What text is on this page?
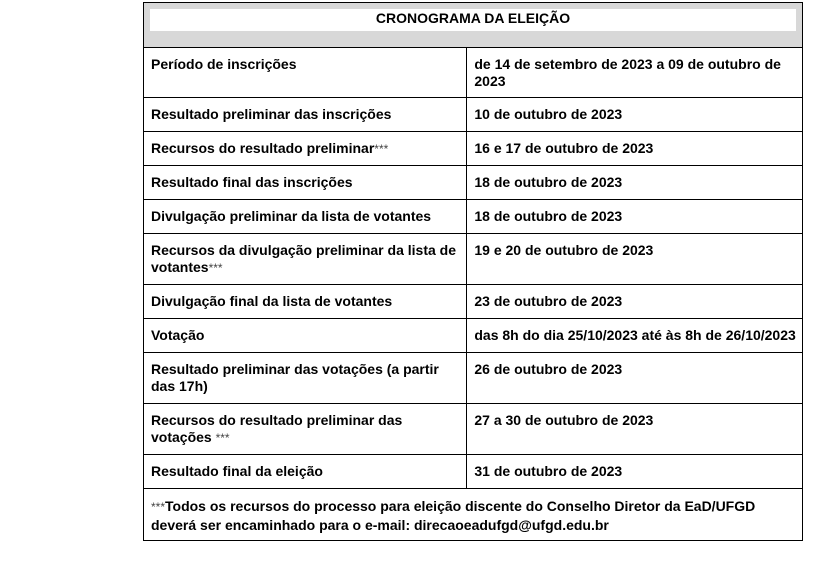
CRONOGRAMA DA ELEIÇÃO	

Período de inscrições	de 14 de setembro de 2023 a 09 de outubro de 2023
Resultado preliminar das inscrições	10 de outubro de 2023
Recursos do resultado preliminar***	16 e 17 de outubro de 2023
Resultado final das inscrições	18 de outubro de 2023
Divulgação preliminar da lista de votantes	18 de outubro de 2023
Recursos da divulgação preliminar da lista de votantes***	19 e 20 de outubro de 2023
Divulgação final da lista de votantes	23 de outubro de 2023
Votação	das 8h do dia 25/10/2023 até às 8h de 26/10/2023
Resultado preliminar das votações (a partir das 17h)	26 de outubro de 2023
Recursos do resultado preliminar das votações ***	27 a 30 de outubro de 2023
Resultado final da eleição	31 de outubro de 2023
***Todos os recursos do processo para eleição discente do Conselho Diretor da EaD/UFGD deverá ser encaminhado para o e-mail: direcaoeadufgd@ufgd.edu.br	
